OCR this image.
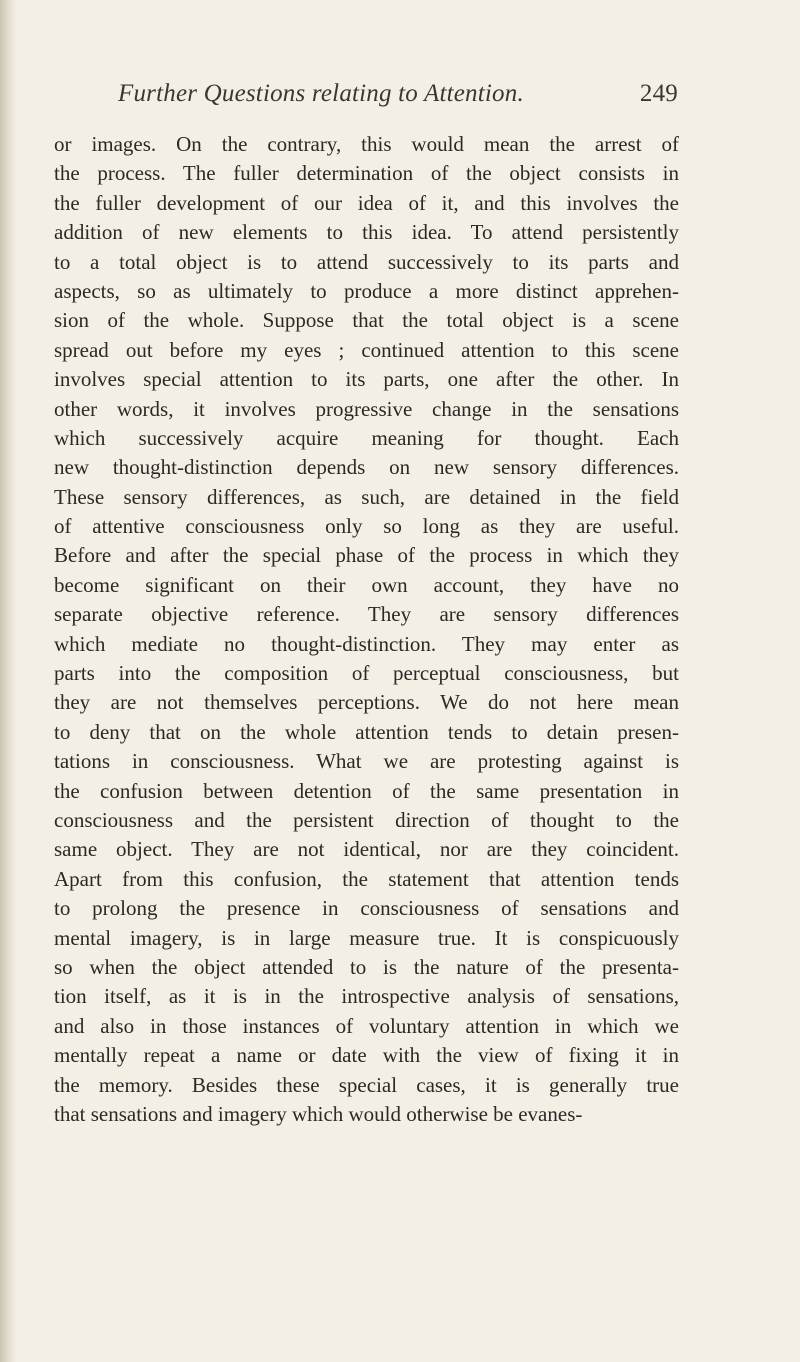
Further Questions relating to Attention.	249
or images. On the contrary, this would mean the arrest of
the process. The fuller determination of the object consists in
the fuller development of our idea of it, and this involves the
addition of new elements to this idea. To attend persistently
to a total object is to attend successively to its parts and
aspects, so as ultimately to produce a more distinct apprehen-
sion of the whole. Suppose that the total object is a scene
spread out before my eyes ; continued attention to this scene
involves special attention to its parts, one after the other. In
other words, it involves progressive change in the sensations
which successively acquire meaning for thought. Each
new thought-distinction depends on new sensory differences.
These sensory differences, as such, are detained in the field
of attentive consciousness only so long as they are useful.
Before and after the special phase of the process in which they
become significant on their own account, they have no
separate objective reference. They are sensory differences
which mediate no thought-distinction. They may enter as
parts into the composition of perceptual consciousness, but
they are not themselves perceptions. We do not here mean
to deny that on the whole attention tends to detain presen-
tations in consciousness. What we are protesting against is
the confusion between detention of the same presentation in
consciousness and the persistent direction of thought to the
same object. They are not identical, nor are they coincident.
Apart from this confusion, the statement that attention tends
to prolong the presence in consciousness of sensations and
mental imagery, is in large measure true. It is conspicuously
so when the object attended to is the nature of the presenta-
tion itself, as it is in the introspective analysis of sensations,
and also in those instances of voluntary attention in which we
mentally repeat a name or date with the view of fixing it in
the memory. Besides these special cases, it is generally true
that sensations and imagery which would otherwise be evanes-
